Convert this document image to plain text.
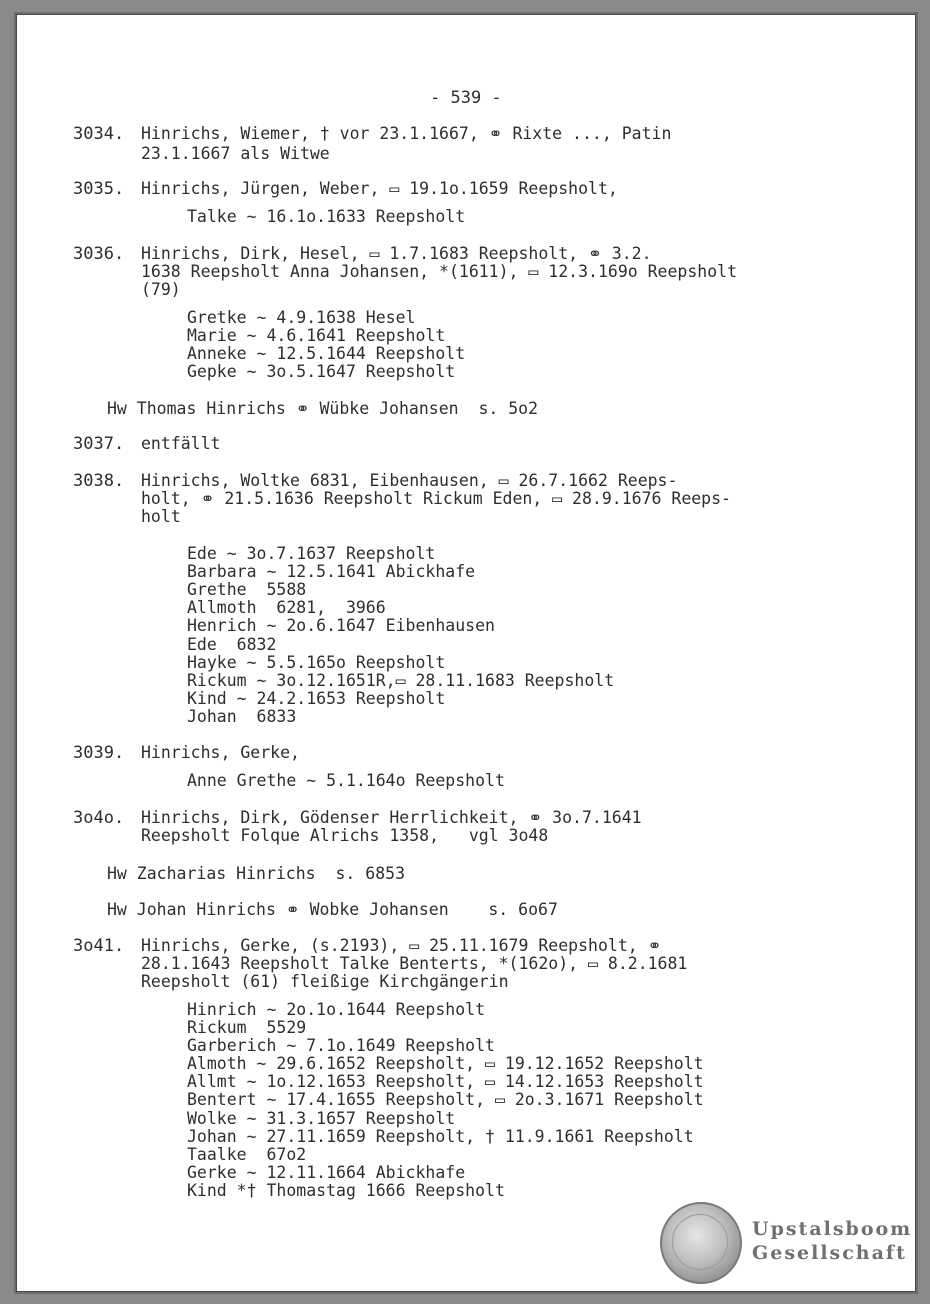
- 539 -
3034. Hinrichs, Wiemer, † vor 23.1.1667, ⚭ Rixte ..., Patin
23.1.1667 als Witwe
3035. Hinrichs, Jürgen, Weber, ▭ 19.1o.1659 Reepsholt,
Talke ~ 16.1o.1633 Reepsholt
3036. Hinrichs, Dirk, Hesel, ▭ 1.7.1683 Reepsholt, ⚭ 3.2.
1638 Reepsholt Anna Johansen, *(1611), ▭ 12.3.169o Reepsholt
(79)
Gretke ~ 4.9.1638 Hesel
Marie ~ 4.6.1641 Reepsholt
Anneke ~ 12.5.1644 Reepsholt
Gepke ~ 3o.5.1647 Reepsholt
Hw Thomas Hinrichs ⚭ Wübke Johansen  s. 5o2
3037. entfällt
3038. Hinrichs, Woltke 6831, Eibenhausen, ▭ 26.7.1662 Reeps-
holt, ⚭ 21.5.1636 Reepsholt Rickum Eden, ▭ 28.9.1676 Reeps-
holt
Ede ~ 3o.7.1637 Reepsholt
Barbara ~ 12.5.1641 Abickhafe
Grethe  5588
Allmoth  6281,  3966
Henrich ~ 2o.6.1647 Eibenhausen
Ede  6832
Hayke ~ 5.5.165o Reepsholt
Rickum ~ 3o.12.1651R,▭ 28.11.1683 Reepsholt
Kind ~ 24.2.1653 Reepsholt
Johan  6833
3039. Hinrichs, Gerke,
Anne Grethe ~ 5.1.164o Reepsholt
3o4o. Hinrichs, Dirk, Gödenser Herrlichkeit, ⚭ 3o.7.1641
Reepsholt Folque Alrichs 1358,   vgl 3o48
Hw Zacharias Hinrichs  s. 6853
Hw Johan Hinrichs ⚭ Wobke Johansen    s. 6o67
3o41. Hinrichs, Gerke, (s.2193), ▭ 25.11.1679 Reepsholt, ⚭
28.1.1643 Reepsholt Talke Benterts, *(162o), ▭ 8.2.1681
Reepsholt (61) fleißige Kirchgängerin
Hinrich ~ 2o.1o.1644 Reepsholt
Rickum  5529
Garberich ~ 7.1o.1649 Reepsholt
Almoth ~ 29.6.1652 Reepsholt, ▭ 19.12.1652 Reepsholt
Allmt ~ 1o.12.1653 Reepsholt, ▭ 14.12.1653 Reepsholt
Bentert ~ 17.4.1655 Reepsholt, ▭ 2o.3.1671 Reepsholt
Wolke ~ 31.3.1657 Reepsholt
Johan ~ 27.11.1659 Reepsholt, † 11.9.1661 Reepsholt
Taalke  67o2
Gerke ~ 12.11.1664 Abickhafe
Kind *† Thomastag 1666 Reepsholt
Upstalsboom
Gesellschaft
